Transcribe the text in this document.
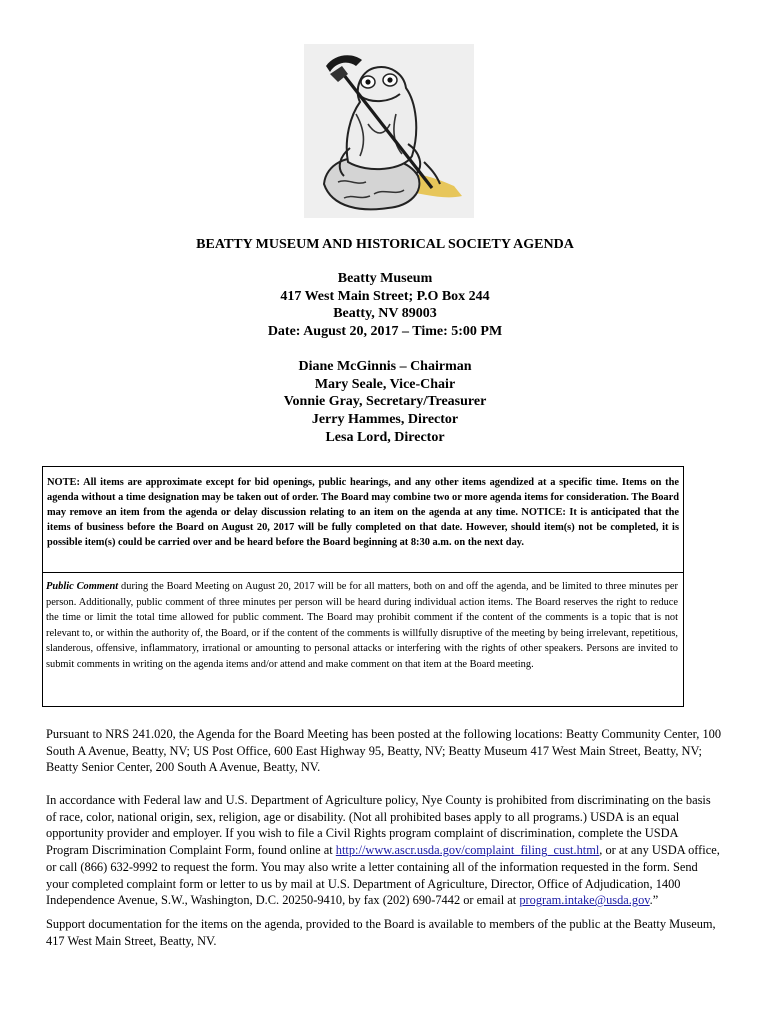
BEATTY MUSEUM AND HISTORICAL SOCIETY AGENDA
Beatty Museum
417 West Main Street; P.O Box 244
Beatty, NV 89003
Date: August 20, 2017 – Time: 5:00 PM
Diane McGinnis – Chairman
Mary Seale, Vice-Chair
Vonnie Gray, Secretary/Treasurer
Jerry Hammes, Director
Lesa Lord, Director
NOTE: All items are approximate except for bid openings, public hearings, and any other items agendized at a specific time. Items on the agenda without a time designation may be taken out of order. The Board may combine two or more agenda items for consideration. The Board may remove an item from the agenda or delay discussion relating to an item on the agenda at any time. NOTICE: It is anticipated that the items of business before the Board on August 20, 2017 will be fully completed on that date. However, should item(s) not be completed, it is possible item(s) could be carried over and be heard before the Board beginning at 8:30 a.m. on the next day.
Public Comment during the Board Meeting on August 20, 2017 will be for all matters, both on and off the agenda, and be limited to three minutes per person. Additionally, public comment of three minutes per person will be heard during individual action items. The Board reserves the right to reduce the time or limit the total time allowed for public comment. The Board may prohibit comment if the content of the comments is a topic that is not relevant to, or within the authority of, the Board, or if the content of the comments is willfully disruptive of the meeting by being irrelevant, repetitious, slanderous, offensive, inflammatory, irrational or amounting to personal attacks or interfering with the rights of other speakers. Persons are invited to submit comments in writing on the agenda items and/or attend and make comment on that item at the Board meeting.

Pursuant to NRS 241.020, the Agenda for the Board Meeting has been posted at the following locations: Beatty Community Center, 100 South A Avenue, Beatty, NV; US Post Office, 600 East Highway 95, Beatty, NV; Beatty Museum 417 West Main Street, Beatty, NV; Beatty Senior Center, 200 South A Avenue, Beatty, NV.

In accordance with Federal law and U.S. Department of Agriculture policy, Nye County is prohibited from discriminating on the basis of race, color, national origin, sex, religion, age or disability. (Not all prohibited bases apply to all programs.) USDA is an equal opportunity provider and employer. If you wish to file a Civil Rights program complaint of discrimination, complete the USDA Program Discrimination Complaint Form, found online at http://www.ascr.usda.gov/complaint_filing_cust.html, or at any USDA office, or call (866) 632-9992 to request the form. You may also write a letter containing all of the information requested in the form. Send your completed complaint form or letter to us by mail at U.S. Department of Agriculture, Director, Office of Adjudication, 1400 Independence Avenue, S.W., Washington, D.C. 20250-9410, by fax (202) 690-7442 or email at program.intake@usda.gov.”

Support documentation for the items on the agenda, provided to the Board is available to members of the public at the Beatty Museum, 417 West Main Street, Beatty, NV.
